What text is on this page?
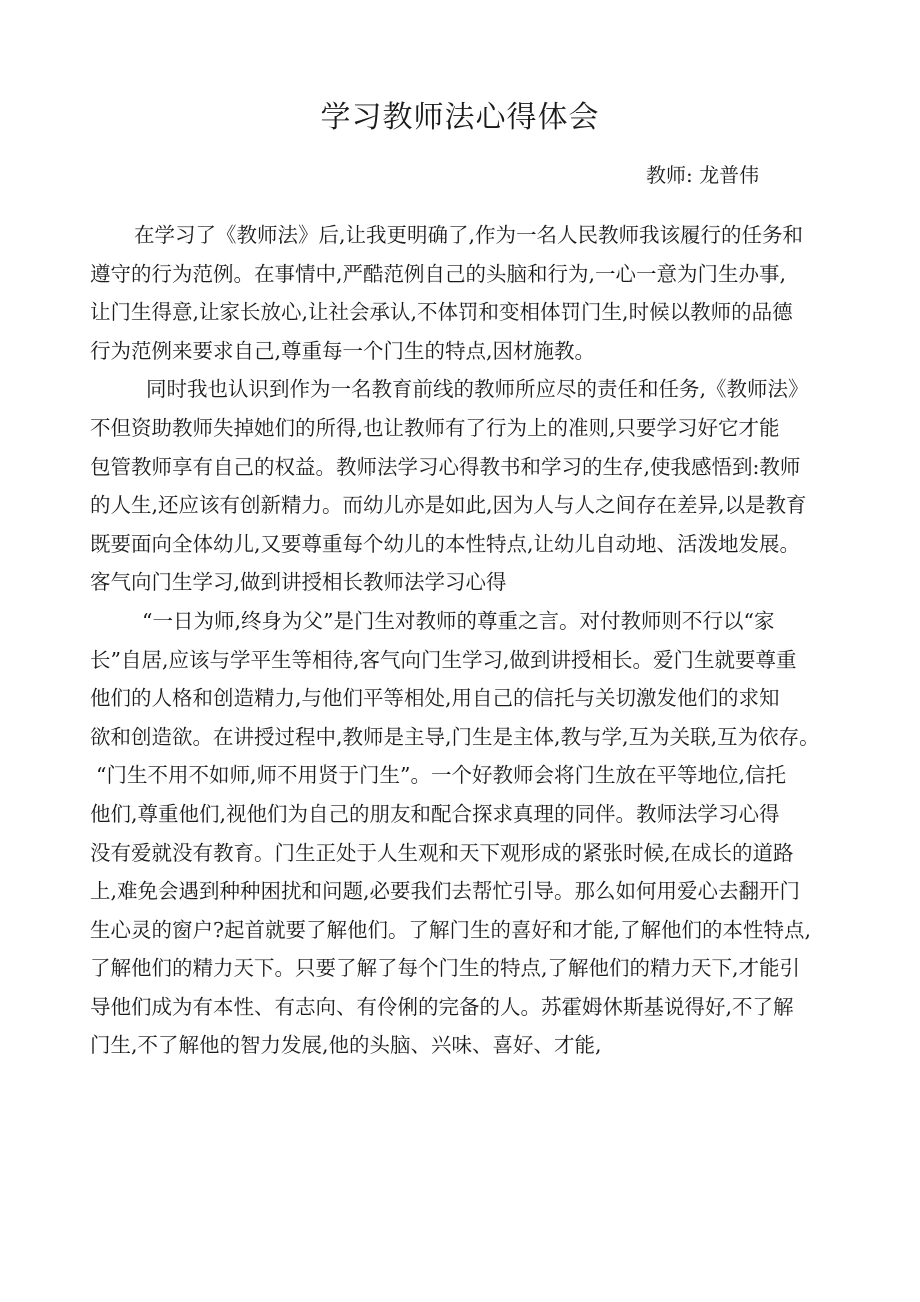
学习教师法心得体会
教师: 龙普伟
在学习了《教师法》后,让我更明确了,作为一名人民教师我该履行的任务和
遵守的行为范例。在事情中,严酷范例自己的头脑和行为,一心一意为门生办事,
让门生得意,让家长放心,让社会承认,不体罚和变相体罚门生,时候以教师的品德
行为范例来要求自己,尊重每一个门生的特点,因材施教。
同时我也认识到作为一名教育前线的教师所应尽的责任和任务,《教师法》
不但资助教师失掉她们的所得,也让教师有了行为上的准则,只要学习好它才能
包管教师享有自己的权益。教师法学习心得教书和学习的生存,使我感悟到:教师
的人生,还应该有创新精力。而幼儿亦是如此,因为人与人之间存在差异,以是教育
既要面向全体幼儿,又要尊重每个幼儿的本性特点,让幼儿自动地、活泼地发展。
客气向门生学习,做到讲授相长教师法学习心得
“一日为师,终身为父”是门生对教师的尊重之言。对付教师则不行以“家
长”自居,应该与学平生等相待,客气向门生学习,做到讲授相长。爱门生就要尊重
他们的人格和创造精力,与他们平等相处,用自己的信托与关切激发他们的求知
欲和创造欲。在讲授过程中,教师是主导,门生是主体,教与学,互为关联,互为依存。
“门生不用不如师,师不用贤于门生”。一个好教师会将门生放在平等地位,信托
他们,尊重他们,视他们为自己的朋友和配合探求真理的同伴。教师法学习心得
没有爱就没有教育。门生正处于人生观和天下观形成的紧张时候,在成长的道路
上,难免会遇到种种困扰和问题,必要我们去帮忙引导。那么如何用爱心去翻开门
生心灵的窗户?起首就要了解他们。了解门生的喜好和才能,了解他们的本性特点,
了解他们的精力天下。只要了解了每个门生的特点,了解他们的精力天下,才能引
导他们成为有本性、有志向、有伶俐的完备的人。苏霍姆休斯基说得好,不了解
门生,不了解他的智力发展,他的头脑、兴味、喜好、才能,
